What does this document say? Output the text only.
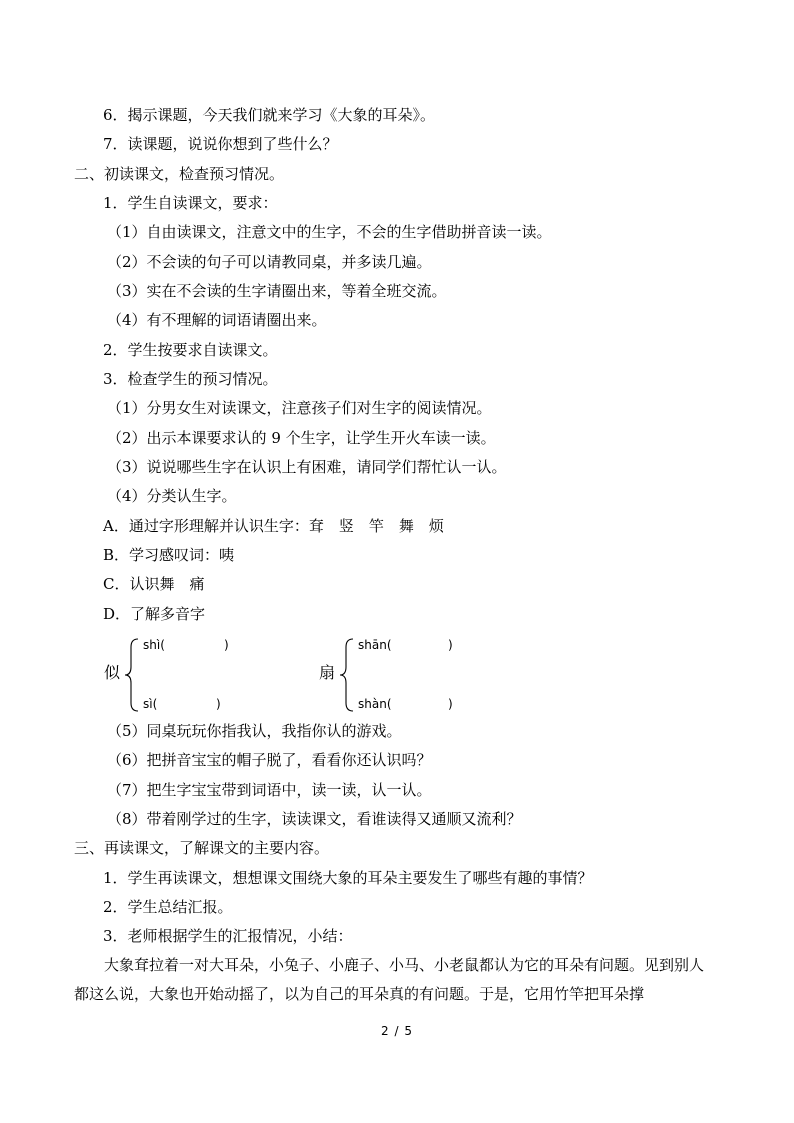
6．揭示课题，今天我们就来学习《大象的耳朵》。
7．读课题，说说你想到了些什么？
二、初读课文，检查预习情况。
1．学生自读课文，要求：
（1）自由读课文，注意文中的生字，不会的生字借助拼音读一读。
（2）不会读的句子可以请教同桌，并多读几遍。
（3）实在不会读的生字请圈出来，等着全班交流。
（4）有不理解的词语请圈出来。
2．学生按要求自读课文。
3．检查学生的预习情况。
（1）分男女生对读课文，注意孩子们对生字的阅读情况。
（2）出示本课要求认的 9 个生字，让学生开火车读一读。
（3）说说哪些生字在认识上有困难，请同学们帮忙认一认。
（4）分类认生字。
A．通过字形理解并认识生字：耷　竖　竿　舞　烦
B．学习感叹词：咦
C．认识舞　痛
D．了解多音字
似
shì(	)
sì(	)
扇
shān(	)
shàn(	)
（5）同桌玩玩你指我认，我指你认的游戏。
（6）把拼音宝宝的帽子脱了，看看你还认识吗？
（7）把生字宝宝带到词语中，读一读，认一认。
（8）带着刚学过的生字，读读课文，看谁读得又通顺又流利？
三、再读课文，了解课文的主要内容。
1．学生再读课文，想想课文围绕大象的耳朵主要发生了哪些有趣的事情？
2．学生总结汇报。
3．老师根据学生的汇报情况，小结：
大象耷拉着一对大耳朵，小兔子、小鹿子、小马、小老鼠都认为它的耳朵有问题。见到别人都这么说，大象也开始动摇了，以为自己的耳朵真的有问题。于是，它用竹竿把耳朵撑
2 / 5
